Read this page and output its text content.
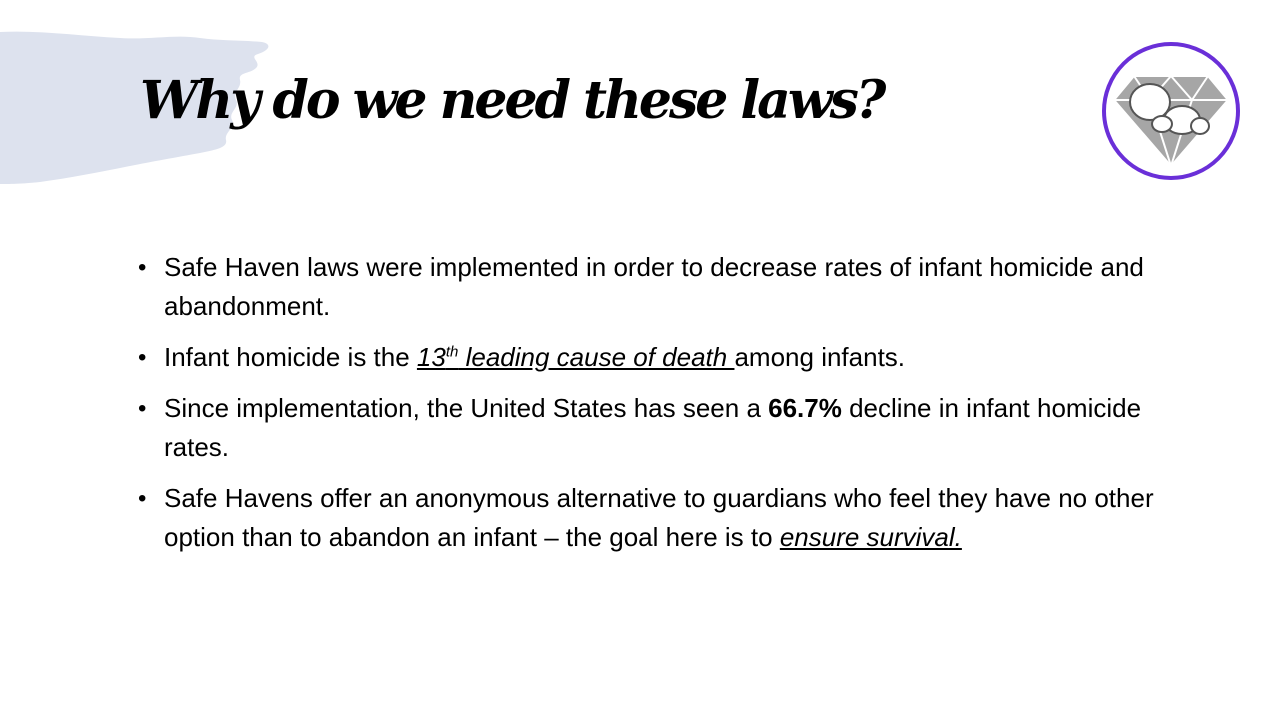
Why do we need these laws?
• Safe Haven laws were implemented in order to decrease rates of infant homicide and abandonment.
• Infant homicide is the 13th leading cause of death among infants.
• Since implementation, the United States has seen a 66.7% decline in infant homicide rates.
• Safe Havens offer an anonymous alternative to guardians who feel they have no other option than to abandon an infant – the goal here is to ensure survival.
